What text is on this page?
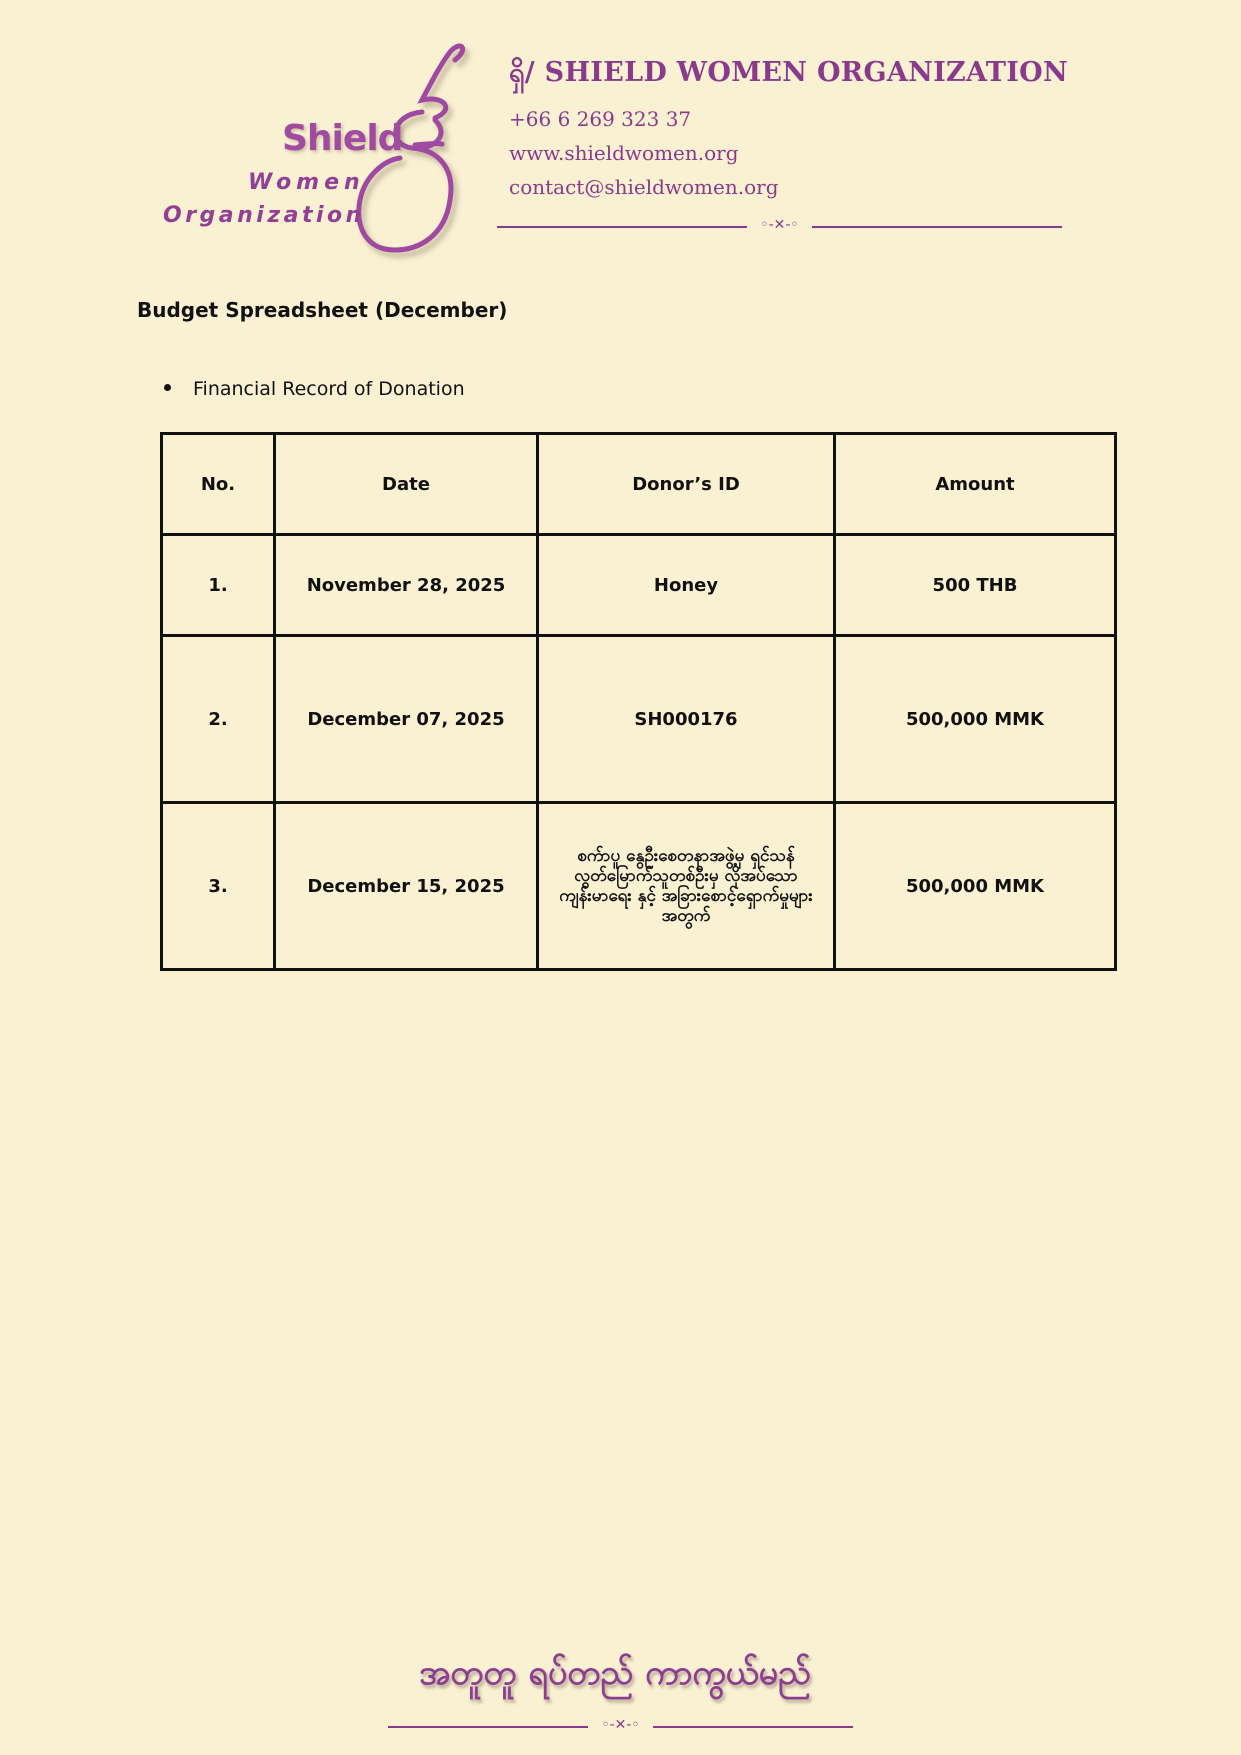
Shield
Women
Organization
ရှိ/ SHIELD WOMEN ORGANIZATION
+66 6 269 323 37
www.shieldwomen.org
contact@shieldwomen.org
◦-✕-◦
Budget Spreadsheet (December)
Financial Record of Donation
No.	Date	Donor’s ID	Amount
1.	November 28, 2025	Honey	500 THB
2.	December 07, 2025	SH000176	500,000 MMK
3.	December 15, 2025	စက်ာပူ နွေဦးစေတနာအဖွဲ့မှ ရှင်သန်လွတ်မြောက်သူတစ်ဦးမှ လိုအပ်သော ကျန်းမာရေး နှင့် အခြားစောင့်ရှောက်မှုများ အတွက်	500,000 MMK
အတူတူ ရပ်တည် ကာကွယ်မည်
◦-✕-◦
